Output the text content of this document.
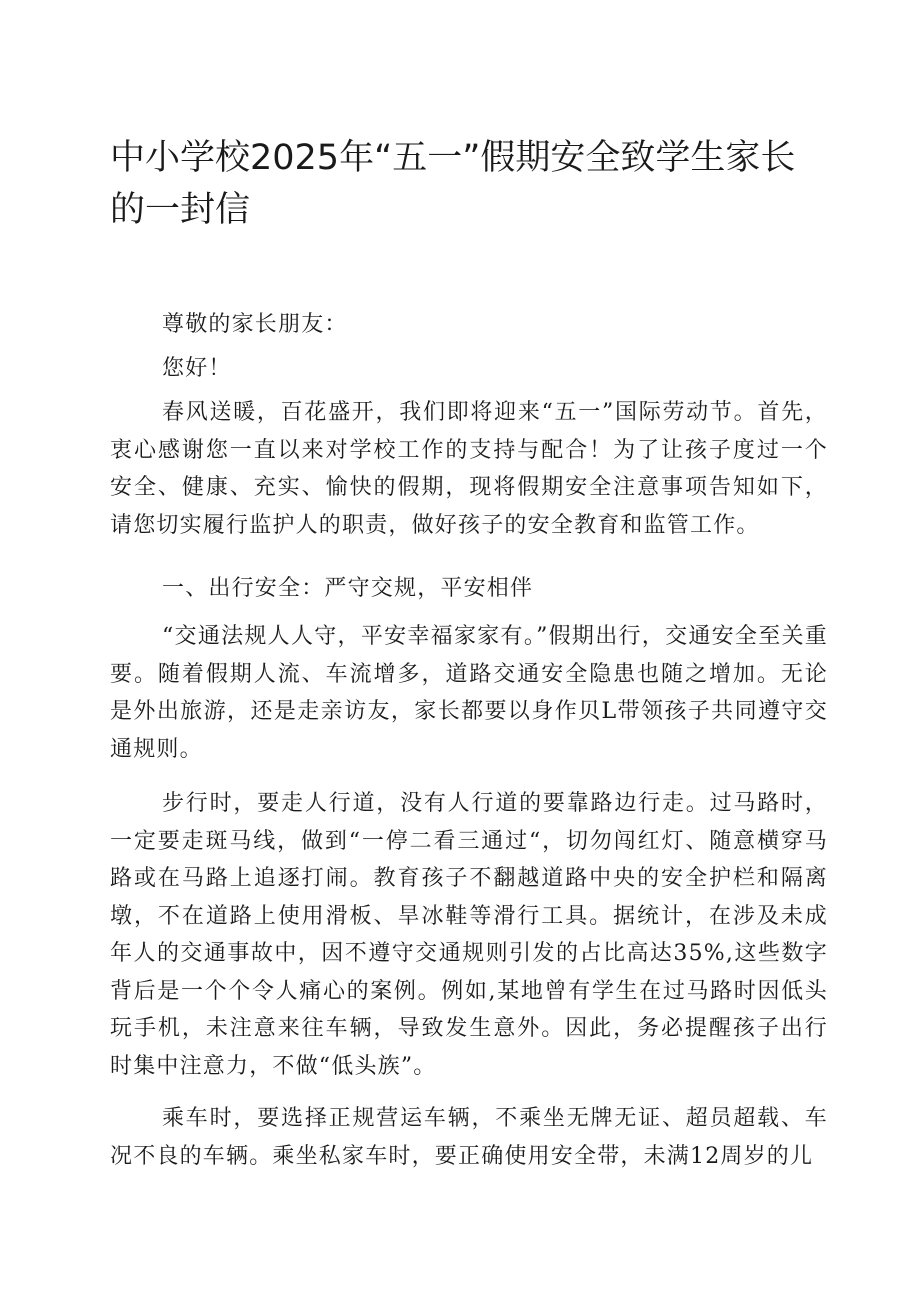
中小学校2025年“五一”假期安全致学生家长的一封信

尊敬的家长朋友：

您好！

春风送暖，百花盛开，我们即将迎来“五一”国际劳动节。首先，衷心感谢您一直以来对学校工作的支持与配合！为了让孩子度过一个安全、健康、充实、愉快的假期，现将假期安全注意事项告知如下，请您切实履行监护人的职责，做好孩子的安全教育和监管工作。

一、出行安全：严守交规，平安相伴

“交通法规人人守，平安幸福家家有。”假期出行，交通安全至关重要。随着假期人流、车流增多，道路交通安全隐患也随之增加。无论是外出旅游，还是走亲访友，家长都要以身作贝L带领孩子共同遵守交通规则。

步行时，要走人行道，没有人行道的要靠路边行走。过马路时，一定要走斑马线，做到“一停二看三通过“，切勿闯红灯、随意横穿马路或在马路上追逐打闹。教育孩子不翻越道路中央的安全护栏和隔离墩，不在道路上使用滑板、旱冰鞋等滑行工具。据统计，在涉及未成年人的交通事故中，因不遵守交通规则引发的占比高达35%,这些数字背后是一个个令人痛心的案例。例如,某地曾有学生在过马路时因低头玩手机，未注意来往车辆，导致发生意外。因此，务必提醒孩子出行时集中注意力，不做“低头族”。

乘车时，要选择正规营运车辆，不乘坐无牌无证、超员超载、车况不良的车辆。乘坐私家车时，要正确使用安全带，未满12周岁的儿
